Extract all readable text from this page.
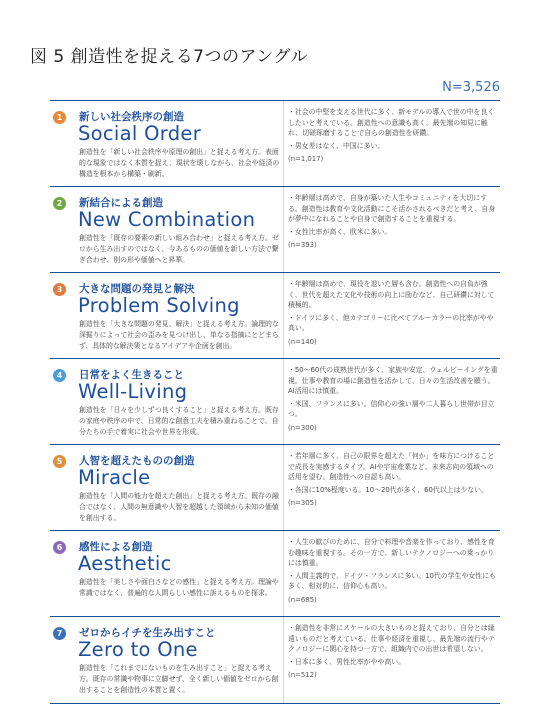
図 5 創造性を捉える7つのアングル
N=3,526
1	新しい社会秩序の創造
Social Order
創造性を「新しい社会秩序や原理の創出」と捉える考え方。表面的な現象ではなく本質を捉え、現状を壊しながら、社会や経済の構造を根本から構築・刷新。
・社会の中堅を支える世代に多く、新モデルの導入で世の中を良くしたいと考えている。創造性への意識も高く、最先端の知見に触れ、切磋琢磨することで自らの創造性を研鑽。
・男女差はなく、中国に多い。
(n=1,017)
2	新結合による創造
New Combination
創造性を「既存の要素の新しい組み合わせ」と捉える考え方。ゼロから生み出すのではなく、今あるものの価値を新しい方法で繋ぎ合わせ、別の形や価値へと昇華。
・年齢層は高めで、自身が築いた人生やコミュニティを大切にする。創造性は教育や文化活動にこそ活かされるべきだと考え、自身が夢中になれることや自身で創造することを重視する。
・女性比率が高く、欧米に多い。
(n=393)
3	大きな問題の発見と解決
Problem Solving
創造性を「大きな問題の発見、解決」と捉える考え方。論理的な深掘りによって社会の歪みを見つけ出し、単なる指摘にとどまらず、具体的な解決策となるアイデアや企画を創出。
・年齢層は高めで、現役を退いた層も含む。創造性への自負が強く、世代を超えた文化や技術の向上に励むなど、自己研鑽に対して積極的。
・ドイツに多く、他カテゴリーに比べてブルーカラーの比率がやや高い。
(n=140)
4	日常をよく生きること
Well-Living
創造性を「日々を少しずつ良くすること」と捉える考え方。既存の家庭や秩序の中で、日常的な創意工夫を積み重ねることで、自分たちの手で着実に社会や世界を形成。
・50〜60代の成熟世代が多く、家族や安定、ウェルビーイングを重視。仕事や教育の場に創造性を活かして、日々の生活改善を願う。AI活用には慎重。
・米国、フランスに多い。信仰心の強い層や二人暮らし世帯が目立つ。
(n=300)
5	人智を超えたものの創造
Miracle
創造性を「人間の能力を超えた創出」と捉える考え方。既存の融合ではなく、人間の無意識や人智を超越した領域から未知の価値を創出する。
・若年層に多く、自己の限界を超えた「何か」を味方につけることで成長を実感するタイプ。AIや宇宙産業など、未来志向の領域への活用を望む。創造性への自認も高い。
・各国に10%程度いる。10〜20代が多く、60代以上は少ない。
(n=305)
6	感性による創造
Aesthetic
創造性を「美しさや面白さなどの感性」と捉える考え方。理論や常識ではなく、普遍的な人間らしい感性に訴えるものを探求。
・人生の歓びのために、自分で料理や音楽を作っており、感性を育む趣味を重視する。その一方で、新しいテクノロジーへの乗っかりには慎重。
・人間主義的で、ドイツ・フランスに多い。10代の学生や女性にも多く、相対的に、信仰心も高い。
(n=685)
7	ゼロからイチを生み出すこと
Zero to One
創造性を「これまでにないものを生み出すこと」と捉える考え方。既存の常識や物事に立脚せず、全く新しい価値をゼロから創出することを創造性の本質と置く。
・創造性を非常にスケールの大きいものと捉えており、自分とは縁遠いものだと考えている。仕事や経済を重視し、最先端の流行やテクノロジーに関心を持つ一方で、組織内での出世は希望しない。
・日本に多く、男性比率がやや高い。
(n=512)
